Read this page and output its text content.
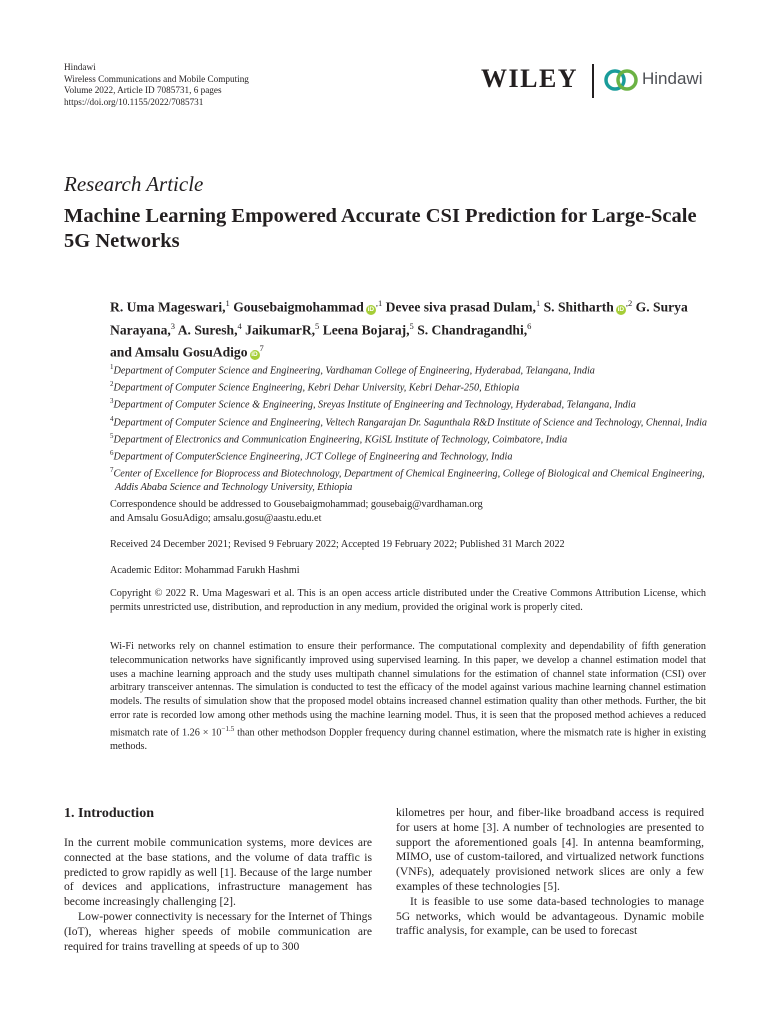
Hindawi
Wireless Communications and Mobile Computing
Volume 2022, Article ID 7085731, 6 pages
https://doi.org/10.1155/2022/7085731
WILEY	Hindawi
Research Article
Machine Learning Empowered Accurate CSI Prediction for Large-Scale 5G Networks
R. Uma Mageswari,$^1$ Gousebaigmohammad $iD^{,1}$ Devee siva prasad Dulam,$^1$ S. Shitharth $iD^{,2}$ G. Surya Narayana,$^3$ A. Suresh,$^4$ JaikumarR,$^5$ Leena Bojaraj,$^5$ S. Chandragandhi,$^6$
and Amsalu GosuAdigo $iD^7$
$^1$Department of Computer Science and Engineering, Vardhaman College of Engineering, Hyderabad, Telangana, India
$^2$Department of Computer Science Engineering, Kebri Dehar University, Kebri Dehar-250, Ethiopia
$^3$Department of Computer Science & Engineering, Sreyas Institute of Engineering and Technology, Hyderabad, Telangana, India
$^4$Department of Computer Science and Engineering, Veltech Rangarajan Dr. Sagunthala R&D Institute of Science and Technology, Chennai, India
$^5$Department of Electronics and Communication Engineering, KGiSL Institute of Technology, Coimbatore, India
$^6$Department of ComputerScience Engineering, JCT College of Engineering and Technology, India
$^7$Center of Excellence for Bioprocess and Biotechnology, Department of Chemical Engineering, College of Biological and Chemical Engineering, Addis Ababa Science and Technology University, Ethiopia
Correspondence should be addressed to Gousebaigmohammad; gousebaig@vardhaman.org
and Amsalu GosuAdigo; amsalu.gosu@aastu.edu.et
Received 24 December 2021; Revised 9 February 2022; Accepted 19 February 2022; Published 31 March 2022
Academic Editor: Mohammad Farukh Hashmi
Copyright © 2022 R. Uma Mageswari et al. This is an open access article distributed under the Creative Commons Attribution License, which permits unrestricted use, distribution, and reproduction in any medium, provided the original work is properly cited.
Wi-Fi networks rely on channel estimation to ensure their performance. The computational complexity and dependability of fifth generation telecommunication networks have significantly improved using supervised learning. In this paper, we develop a channel estimation model that uses a machine learning approach and the study uses multipath channel simulations for the estimation of channel state information (CSI) over arbitrary transceiver antennas. The simulation is conducted to test the efficacy of the model against various machine learning channel estimation models. The results of simulation show that the proposed model obtains increased channel estimation quality than other methods. Further, the bit error rate is recorded low among other methods using the machine learning model. Thus, it is seen that the proposed method achieves a reduced mismatch rate of $1.26 \times 10^{-1.5}$ than other methodson Doppler frequency during channel estimation, where the mismatch rate is higher in existing methods.
1. Introduction

In the current mobile communication systems, more devices are connected at the base stations, and the volume of data traffic is predicted to grow rapidly as well [1]. Because of the large number of devices and applications, infrastructure management has become increasingly challenging [2].

Low-power connectivity is necessary for the Internet of Things (IoT), whereas higher speeds of mobile communication are required for trains travelling at speeds of up to 300

kilometres per hour, and fiber-like broadband access is required for users at home [3]. A number of technologies are presented to support the aforementioned goals [4]. In antenna beamforming, MIMO, use of custom-tailored, and virtualized network functions (VNFs), adequately provisioned network slices are only a few examples of these technologies [5].

It is feasible to use some data-based technologies to manage 5G networks, which would be advantageous. Dynamic mobile traffic analysis, for example, can be used to forecast
